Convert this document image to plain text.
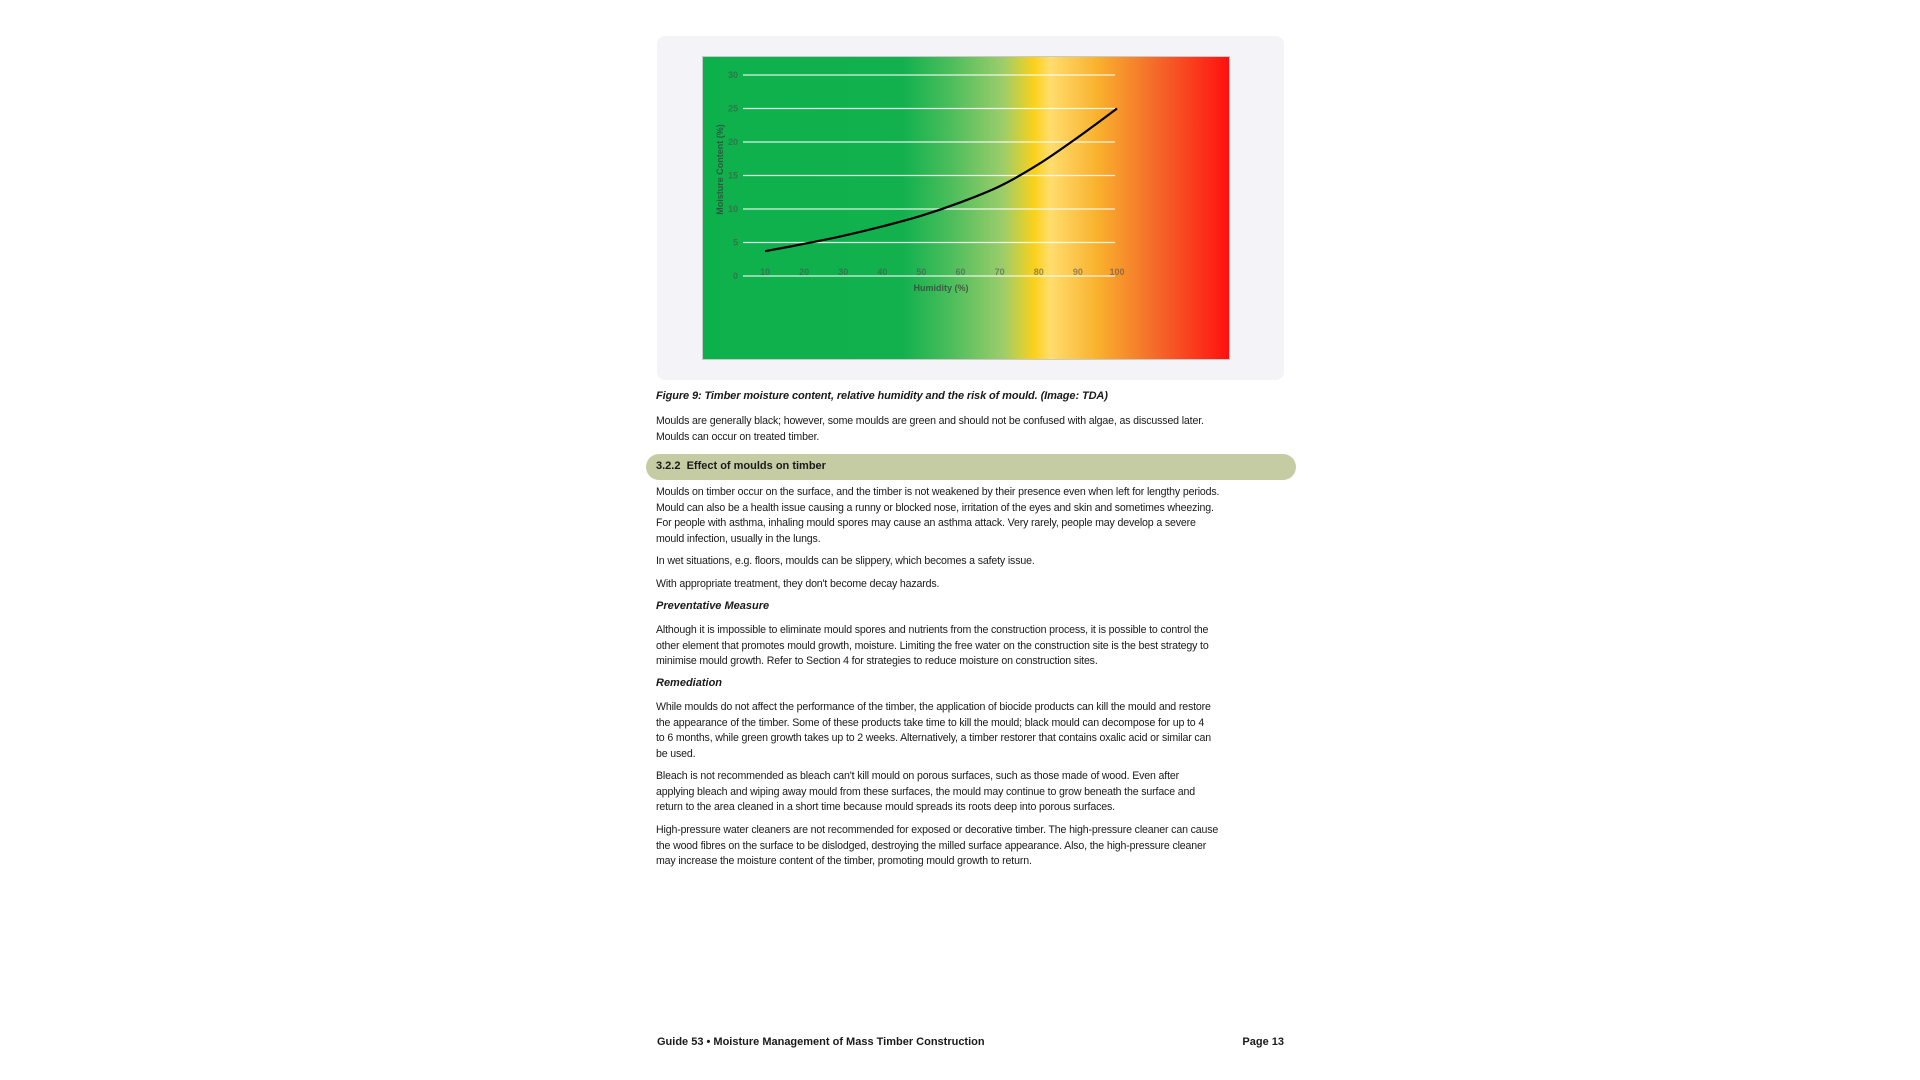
0
5
10
15
20
25
30
10	20	30	40	50	60	70	80	90	100
Humidity (%)
Moisture Content (%)
Figure 9: Timber moisture content, relative humidity and the risk of mould. (Image: TDA)

Moulds are generally black; however, some moulds are green and should not be confused with algae, as discussed later.

Moulds can occur on treated timber.

3.2.2 Effect of moulds on timber

Moulds on timber occur on the surface, and the timber is not weakened by their presence even when left for lengthy periods.

Mould can also be a health issue causing a runny or blocked nose, irritation of the eyes and skin and sometimes wheezing.

For people with asthma, inhaling mould spores may cause an asthma attack. Very rarely, people may develop a severe

mould infection, usually in the lungs.

In wet situations, e.g. floors, moulds can be slippery, which becomes a safety issue.

With appropriate treatment, they don't become decay hazards.

Preventative Measure

Although it is impossible to eliminate mould spores and nutrients from the construction process, it is possible to control the

other element that promotes mould growth, moisture. Limiting the free water on the construction site is the best strategy to

minimise mould growth. Refer to Section 4 for strategies to reduce moisture on construction sites.

Remediation

While moulds do not affect the performance of the timber, the application of biocide products can kill the mould and restore

the appearance of the timber. Some of these products take time to kill the mould; black mould can decompose for up to 4

to 6 months, while green growth takes up to 2 weeks. Alternatively, a timber restorer that contains oxalic acid or similar can

be used.

Bleach is not recommended as bleach can't kill mould on porous surfaces, such as those made of wood. Even after

applying bleach and wiping away mould from these surfaces, the mould may continue to grow beneath the surface and

return to the area cleaned in a short time because mould spreads its roots deep into porous surfaces.

High-pressure water cleaners are not recommended for exposed or decorative timber. The high-pressure cleaner can cause

the wood fibres on the surface to be dislodged, destroying the milled surface appearance. Also, the high-pressure cleaner

may increase the moisture content of the timber, promoting mould growth to return.

Guide 53 • Moisture Management of Mass Timber Construction	Page 13
